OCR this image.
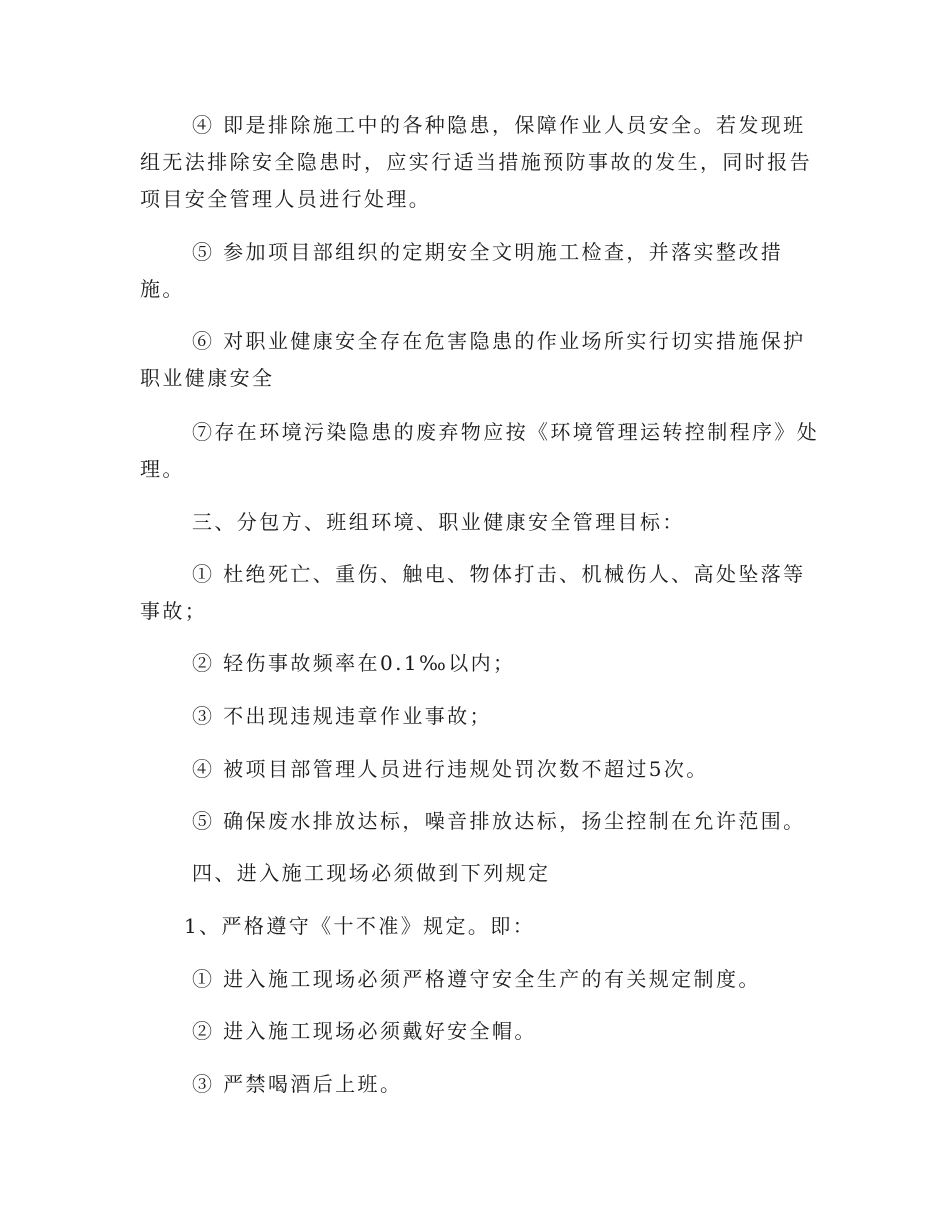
④ 即是排除施工中的各种隐患，保障作业人员安全。若发现班组无法排除安全隐患时，应实行适当措施预防事故的发生，同时报告项目安全管理人员进行处理。

⑤ 参加项目部组织的定期安全文明施工检查，并落实整改措施。

⑥ 对职业健康安全存在危害隐患的作业场所实行切实措施保护职业健康安全

⑦存在环境污染隐患的废弃物应按《环境管理运转控制程序》处理。

三、分包方、班组环境、职业健康安全管理目标：

① 杜绝死亡、重伤、触电、物体打击、机械伤人、高处坠落等事故；

② 轻伤事故频率在0.1‰以内；

③ 不出现违规违章作业事故；

④ 被项目部管理人员进行违规处罚次数不超过5次。

⑤ 确保废水排放达标，噪音排放达标，扬尘控制在允许范围。

四、进入施工现场必须做到下列规定

1、严格遵守《十不准》规定。即：

① 进入施工现场必须严格遵守安全生产的有关规定制度。

② 进入施工现场必须戴好安全帽。

③ 严禁喝酒后上班。
